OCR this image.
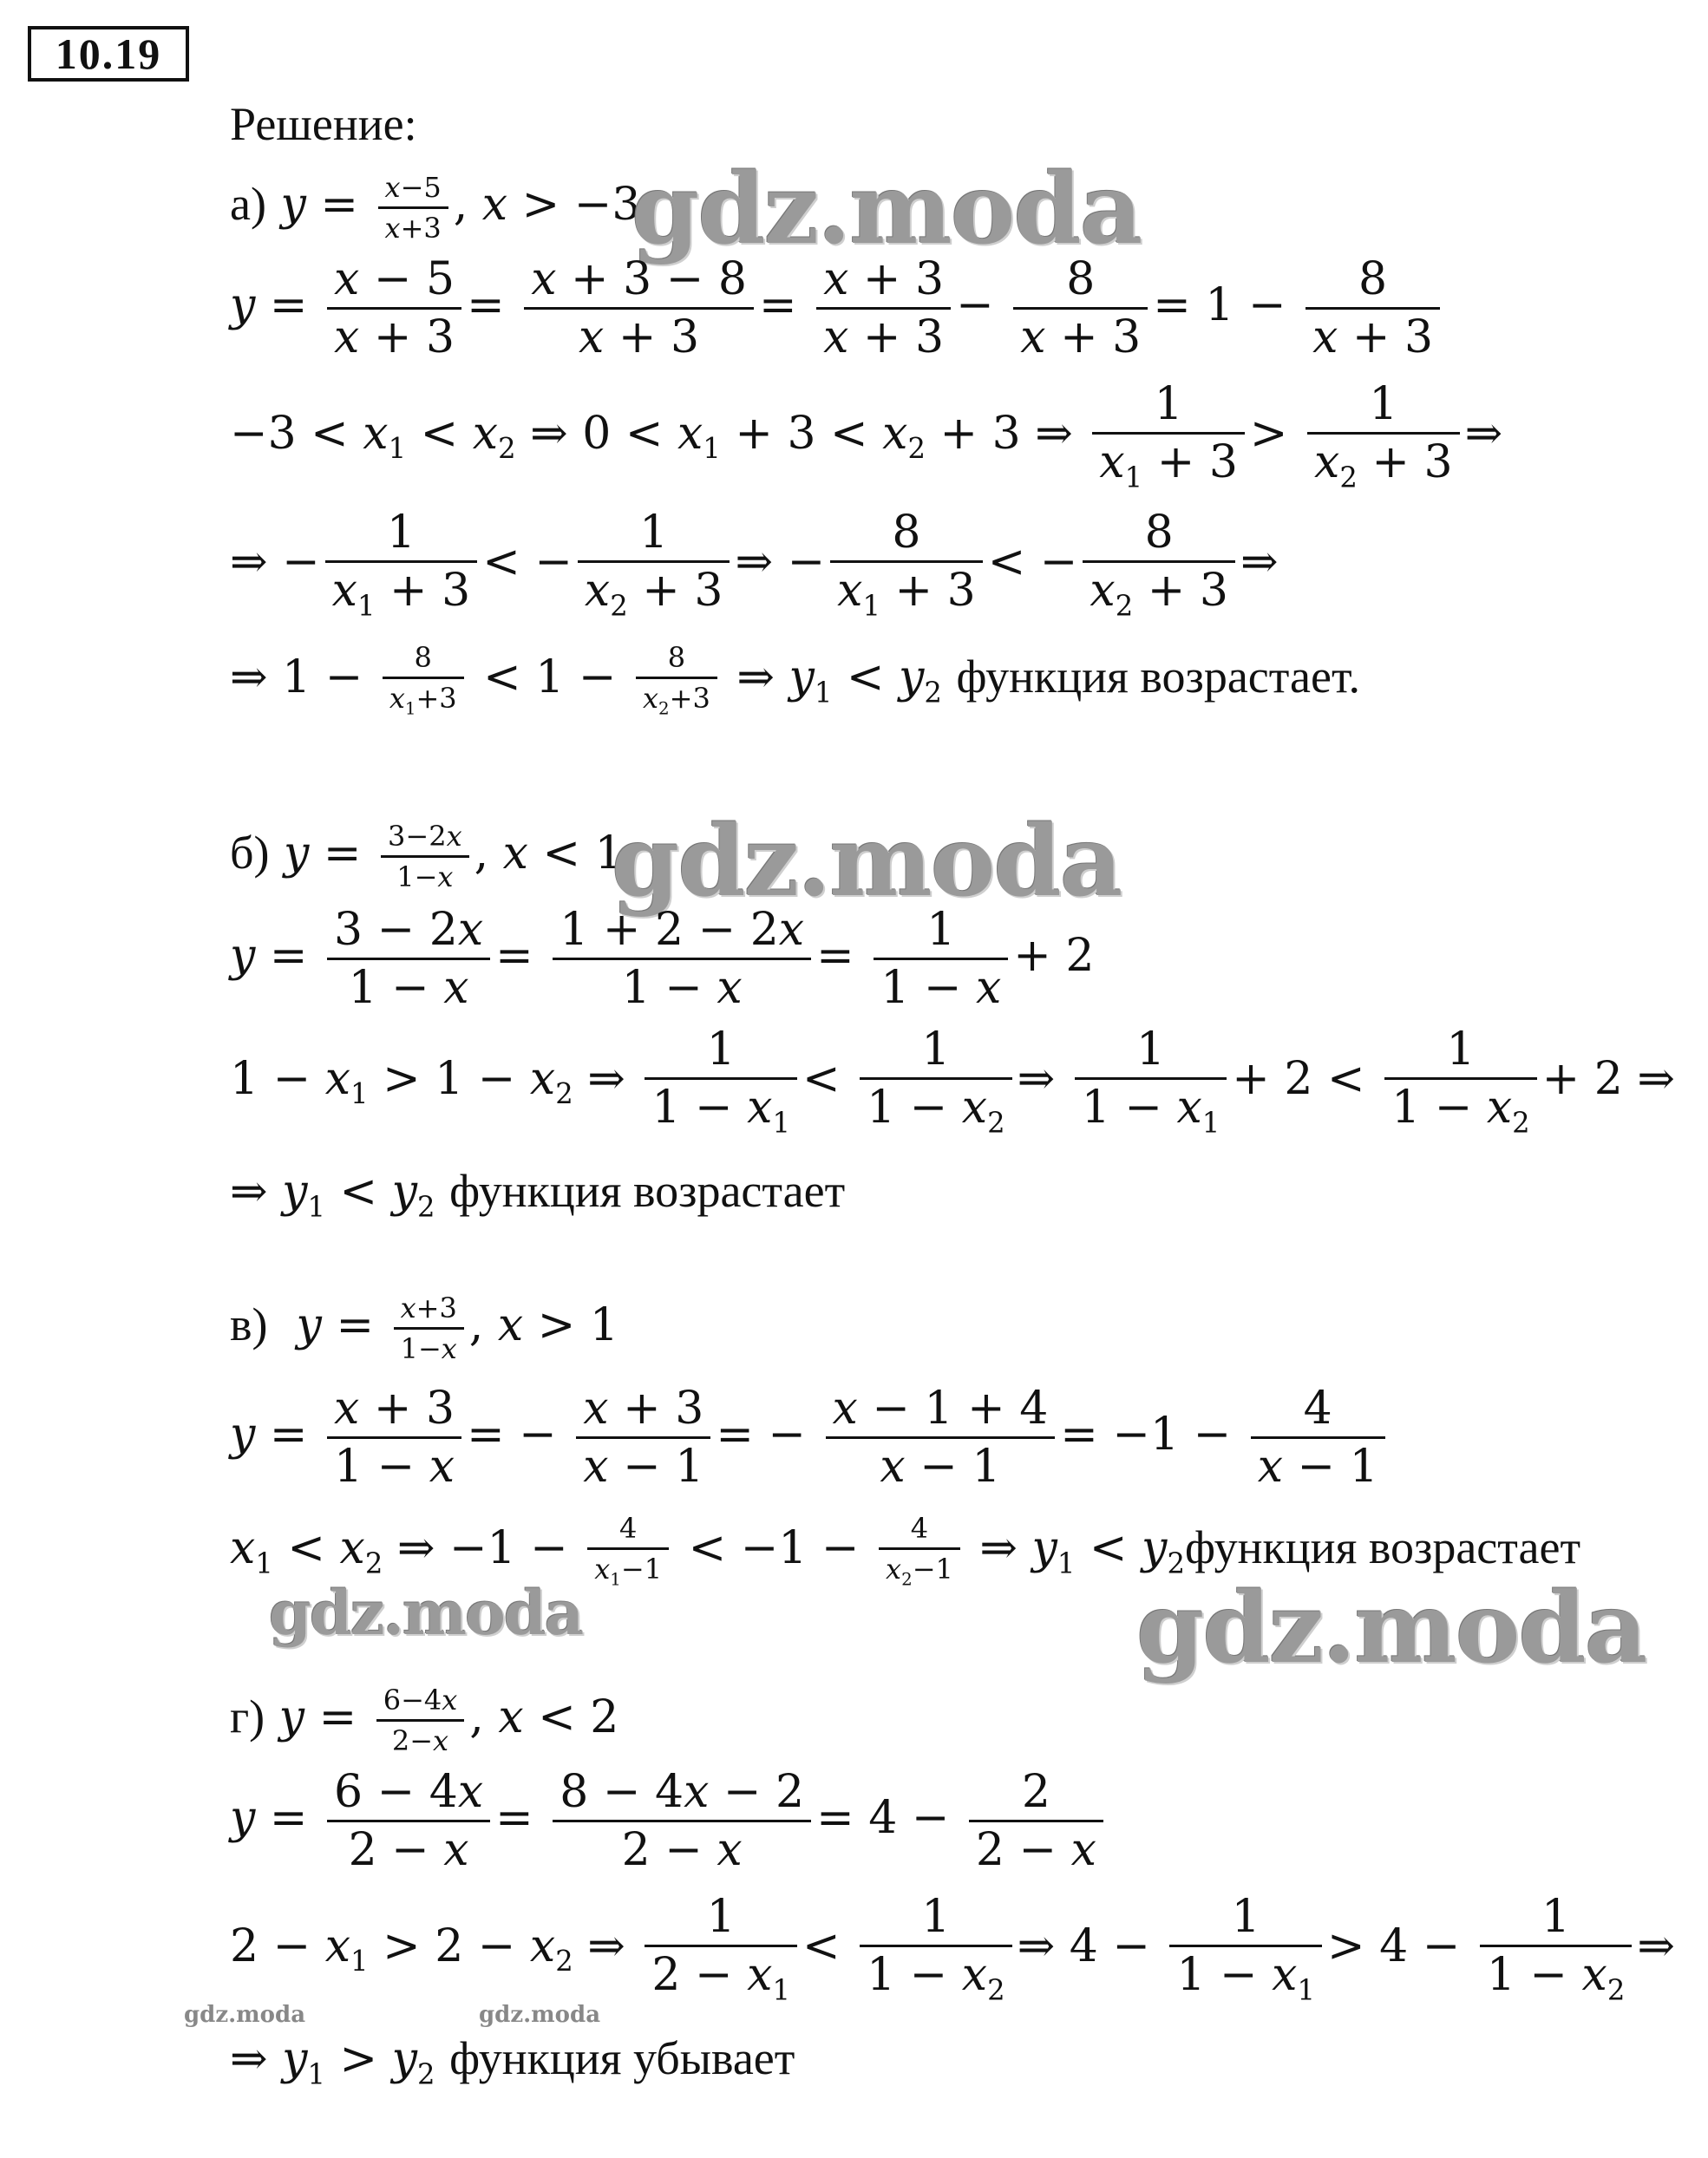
10.19
Решение:
а) $y = \frac{x-5}{x+3}$ , x > −3
gdz.moda
$y = \frac{x - 5}{x + 3} = \frac{x + 3 - 8}{x + 3} = \frac{x + 3}{x + 3} - \frac{8}{x + 3} = 1 - \frac{8}{x + 3}$
$-3 < x_1 < x_2$ ⇒ $0 < x_1 + 3 < x_2 + 3$ ⇒ $\frac{1}{x_1 + 3} > \frac{1}{x_2 + 3}$ ⇒
⇒ − $\frac{1}{x_1 + 3}$ < − $\frac{1}{x_2 + 3}$ ⇒ − $\frac{8}{x_1 + 3}$ < − $\frac{8}{x_2 + 3}$ ⇒
⇒ $1 - \frac{8}{x_1+3} < 1 - \frac{8}{x_2+3}$ ⇒ $y_1 < y_2$ функция возрастает.
б) $y = \frac{3-2x}{1-x}$ , x < 1
gdz.moda
$y = \frac{3 - 2x}{1 - x} = \frac{1 + 2 - 2x}{1 - x} = \frac{1}{1 - x} + 2$
$1 - x_1 > 1 - x_2$ ⇒ $\frac{1}{1 - x_1} < \frac{1}{1 - x_2}$ ⇒ $\frac{1}{1 - x_1} + 2 < \frac{1}{1 - x_2} + 2$ ⇒
⇒ $y_1 < y_2$ функция возрастает
в) $y = \frac{x+3}{1-x}$ , x > 1
$y = \frac{x + 3}{1 - x}$ = − $\frac{x + 3}{x - 1}$ = − $\frac{x - 1 + 4}{x - 1} = -1 - \frac{4}{x - 1}$
$x_1 < x_2$ ⇒ $-1 - \frac{4}{x_1-1} < -1 - \frac{4}{x_2-1}$ ⇒ $y_1$ < $y_2функция$ возрастает
gdz.moda	gdz.moda
г) $y = \frac{6-4x}{2-x}$ , x < 2
$y = \frac{6 - 4x}{2 - x} = \frac{8 - 4x - 2}{2 - x} = 4 - \frac{2}{2 - x}$
$2 - x_1 > 2 - x_2$ ⇒ $\frac{1}{2 - x_1} < \frac{1}{1 - x_2}$ ⇒ $4 - \frac{1}{1 - x_1} > 4 - \frac{1}{1 - x_2}$ ⇒
gdz.moda	gdz.moda
⇒ $y_1 > y_2$ функция убывает
